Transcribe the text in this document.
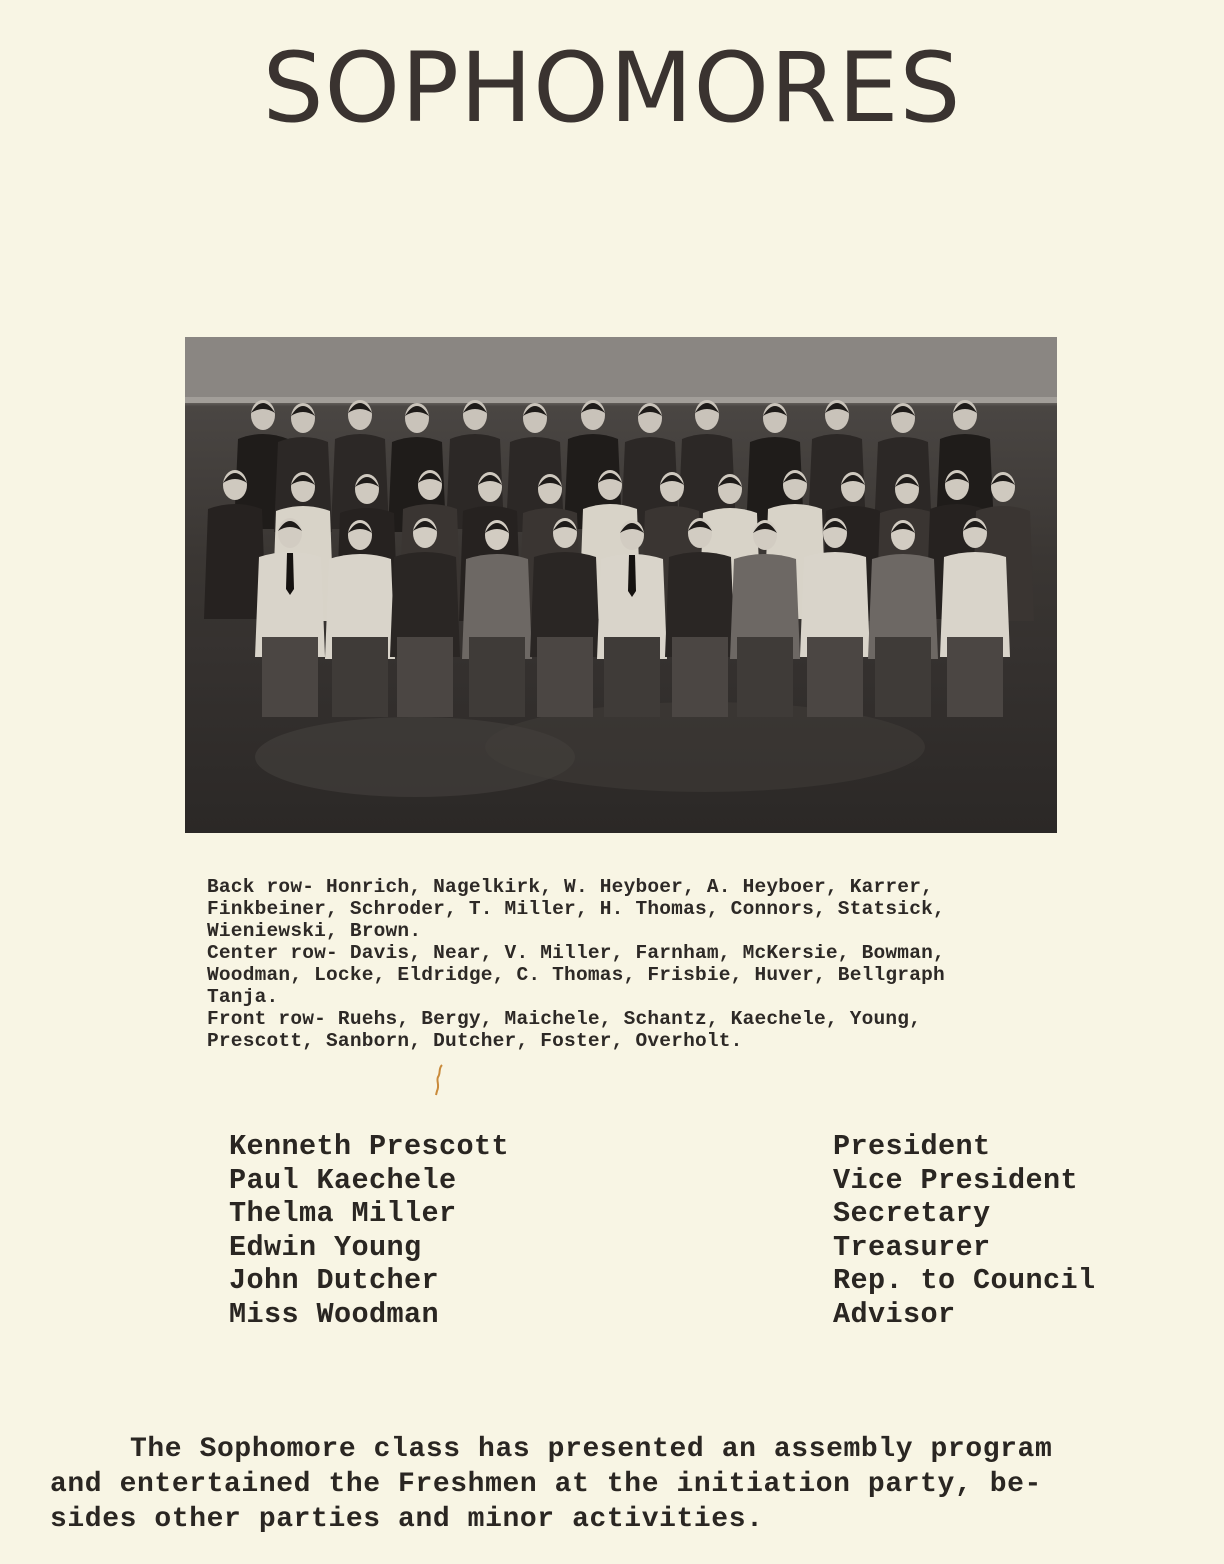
SOPHOMORES
Back row- Honrich, Nagelkirk, W. Heyboer, A. Heyboer, Karrer,
Finkbeiner, Schroder, T. Miller, H. Thomas, Connors, Statsick,
Wieniewski, Brown.
Center row- Davis, Near, V. Miller, Farnham, McKersie, Bowman,
Woodman, Locke, Eldridge, C. Thomas, Frisbie, Huver, Bellgraph
Tanja.
Front row- Ruehs, Bergy, Maichele, Schantz, Kaechele, Young,
Prescott, Sanborn, Dutcher, Foster, Overholt.
Kenneth Prescott
Paul Kaechele
Thelma Miller
Edwin Young
John Dutcher
Miss Woodman
President
Vice President
Secretary
Treasurer
Rep. to Council
Advisor
The Sophomore class has presented an assembly program
and entertained the Freshmen at the initiation party, be-
sides other parties and minor activities.
